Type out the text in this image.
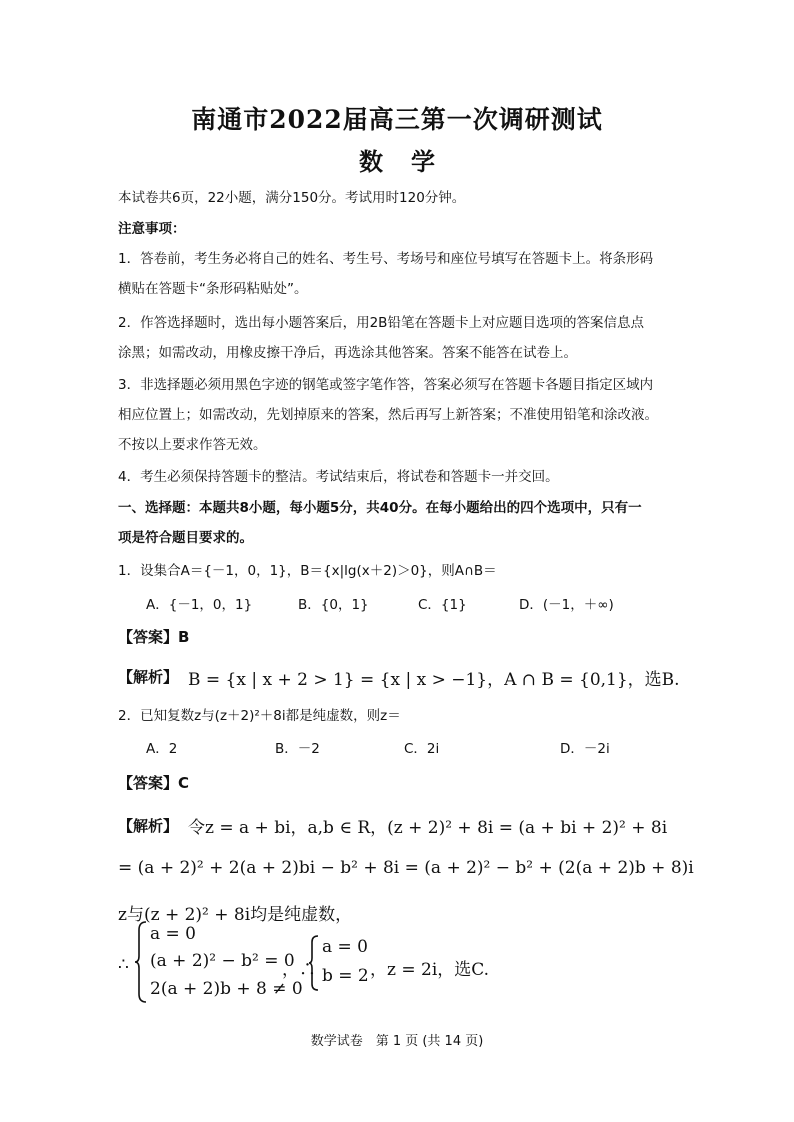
南通市2022届高三第一次调研测试
数学
本试卷共6页，22小题，满分150分。考试用时120分钟。
注意事项：
1．答卷前，考生务必将自己的姓名、考生号、考场号和座位号填写在答题卡上。将条形码
横贴在答题卡“条形码粘贴处”。
2．作答选择题时，选出每小题答案后，用2B铅笔在答题卡上对应题目选项的答案信息点
涂黑；如需改动，用橡皮擦干净后，再选涂其他答案。答案不能答在试卷上。
3．非选择题必须用黑色字迹的钢笔或签字笔作答，答案必须写在答题卡各题目指定区域内
相应位置上；如需改动，先划掉原来的答案，然后再写上新答案；不准使用铅笔和涂改液。
不按以上要求作答无效。
4．考生必须保持答题卡的整洁。考试结束后，将试卷和答题卡一并交回。
一、选择题：本题共8小题，每小题5分，共40分。在每小题给出的四个选项中，只有一
项是符合题目要求的。
1．设集合A＝{－1，0，1}，B＝{x|lg(x＋2)＞0}，则A∩B＝
A．{－1，0，1}	B．{0，1}	C．{1}	D．(－1，＋∞)
【答案】B
【解析】 B = {x | x + 2 > 1} = {x | x > −1}，A ∩ B = {0,1}，选B.
2．已知复数z与(z＋2)²＋8i都是纯虚数，则z＝
A．2	B．－2	C．2i	D．－2i
【答案】C
【解析】 令z = a + bi，a,b ∈ R，(z + 2)² + 8i = (a + bi + 2)² + 8i
= (a + 2)² + 2(a + 2)bi − b² + 8i = (a + 2)² − b² + (2(a + 2)b + 8)i
z与(z + 2)² + 8i均是纯虚数，
∴
a = 0
(a + 2)² − b² = 0
2(a + 2)b + 8 ≠ 0
，∴
a = 0
b = 2 ，z = 2i，选C.
数学试卷　第 1 页 (共 14 页)
